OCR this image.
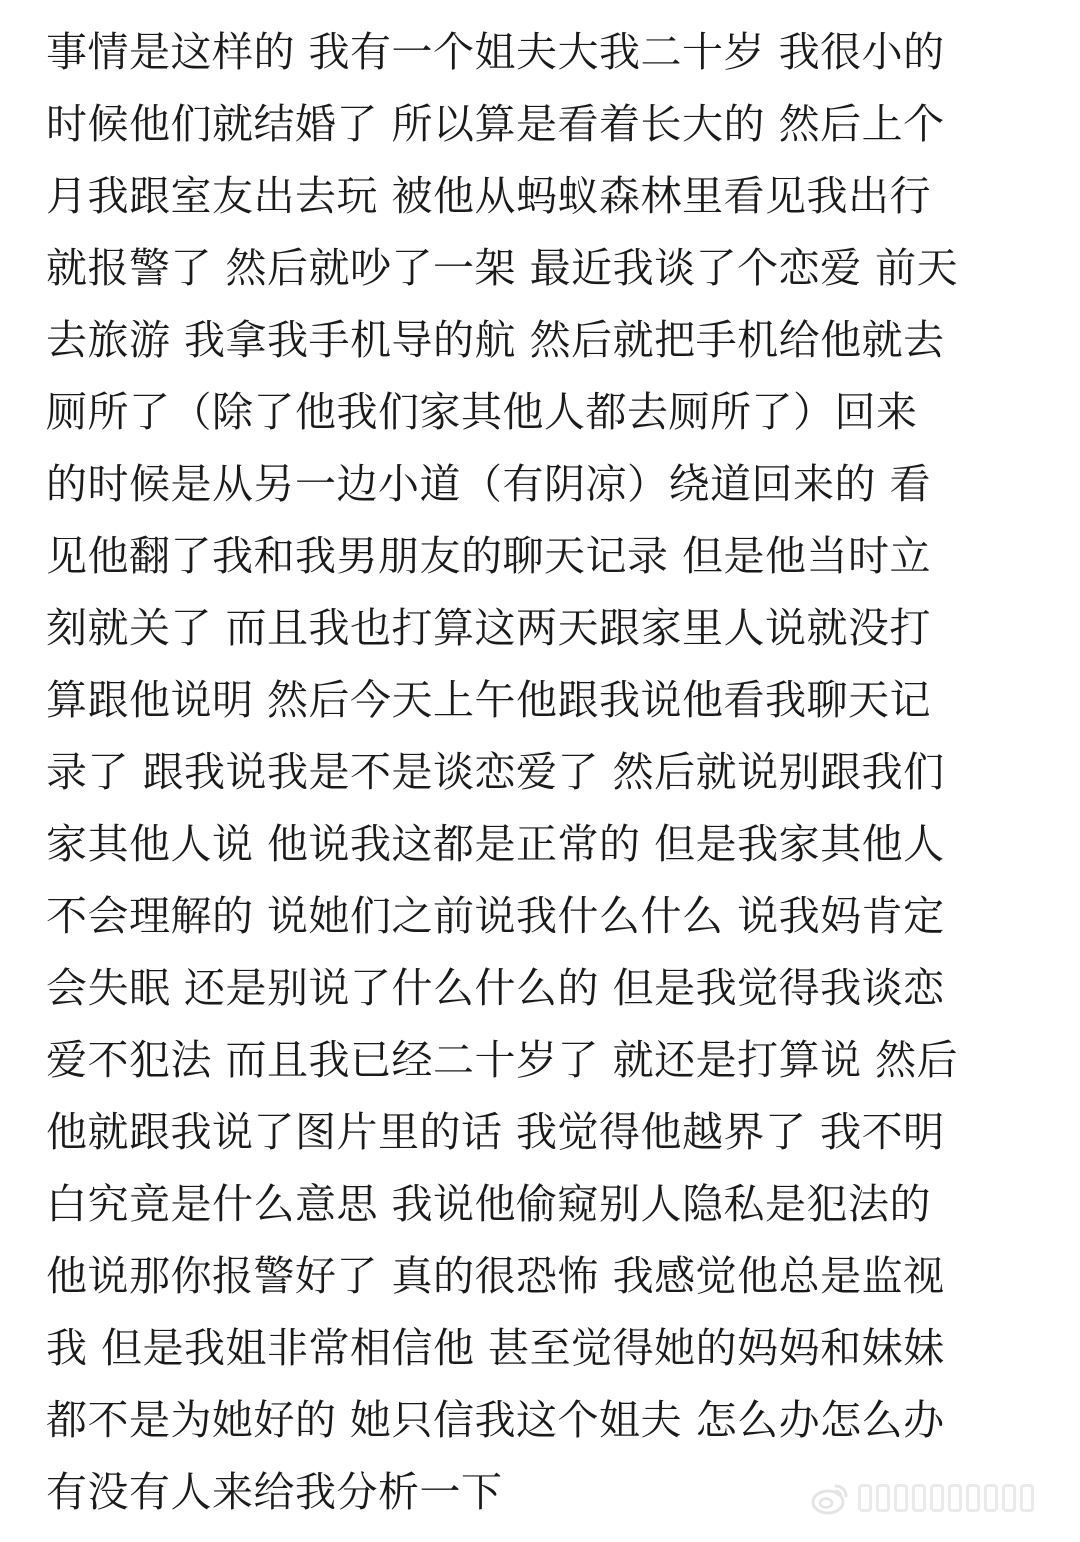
事情是这样的 我有一个姐夫大我二十岁 我很小的
时候他们就结婚了 所以算是看着长大的 然后上个
月我跟室友出去玩 被他从蚂蚁森林里看见我出行
就报警了 然后就吵了一架 最近我谈了个恋爱 前天
去旅游 我拿我手机导的航 然后就把手机给他就去
厕所了（除了他我们家其他人都去厕所了）回来
的时候是从另一边小道（有阴凉）绕道回来的 看
见他翻了我和我男朋友的聊天记录 但是他当时立
刻就关了 而且我也打算这两天跟家里人说就没打
算跟他说明 然后今天上午他跟我说他看我聊天记
录了 跟我说我是不是谈恋爱了 然后就说别跟我们
家其他人说 他说我这都是正常的 但是我家其他人
不会理解的 说她们之前说我什么什么 说我妈肯定
会失眠 还是别说了什么什么的 但是我觉得我谈恋
爱不犯法 而且我已经二十岁了 就还是打算说 然后
他就跟我说了图片里的话 我觉得他越界了 我不明
白究竟是什么意思 我说他偷窥别人隐私是犯法的
他说那你报警好了 真的很恐怖 我感觉他总是监视
我 但是我姐非常相信他 甚至觉得她的妈妈和妹妹
都不是为她好的 她只信我这个姐夫 怎么办怎么办
有没有人来给我分析一下
